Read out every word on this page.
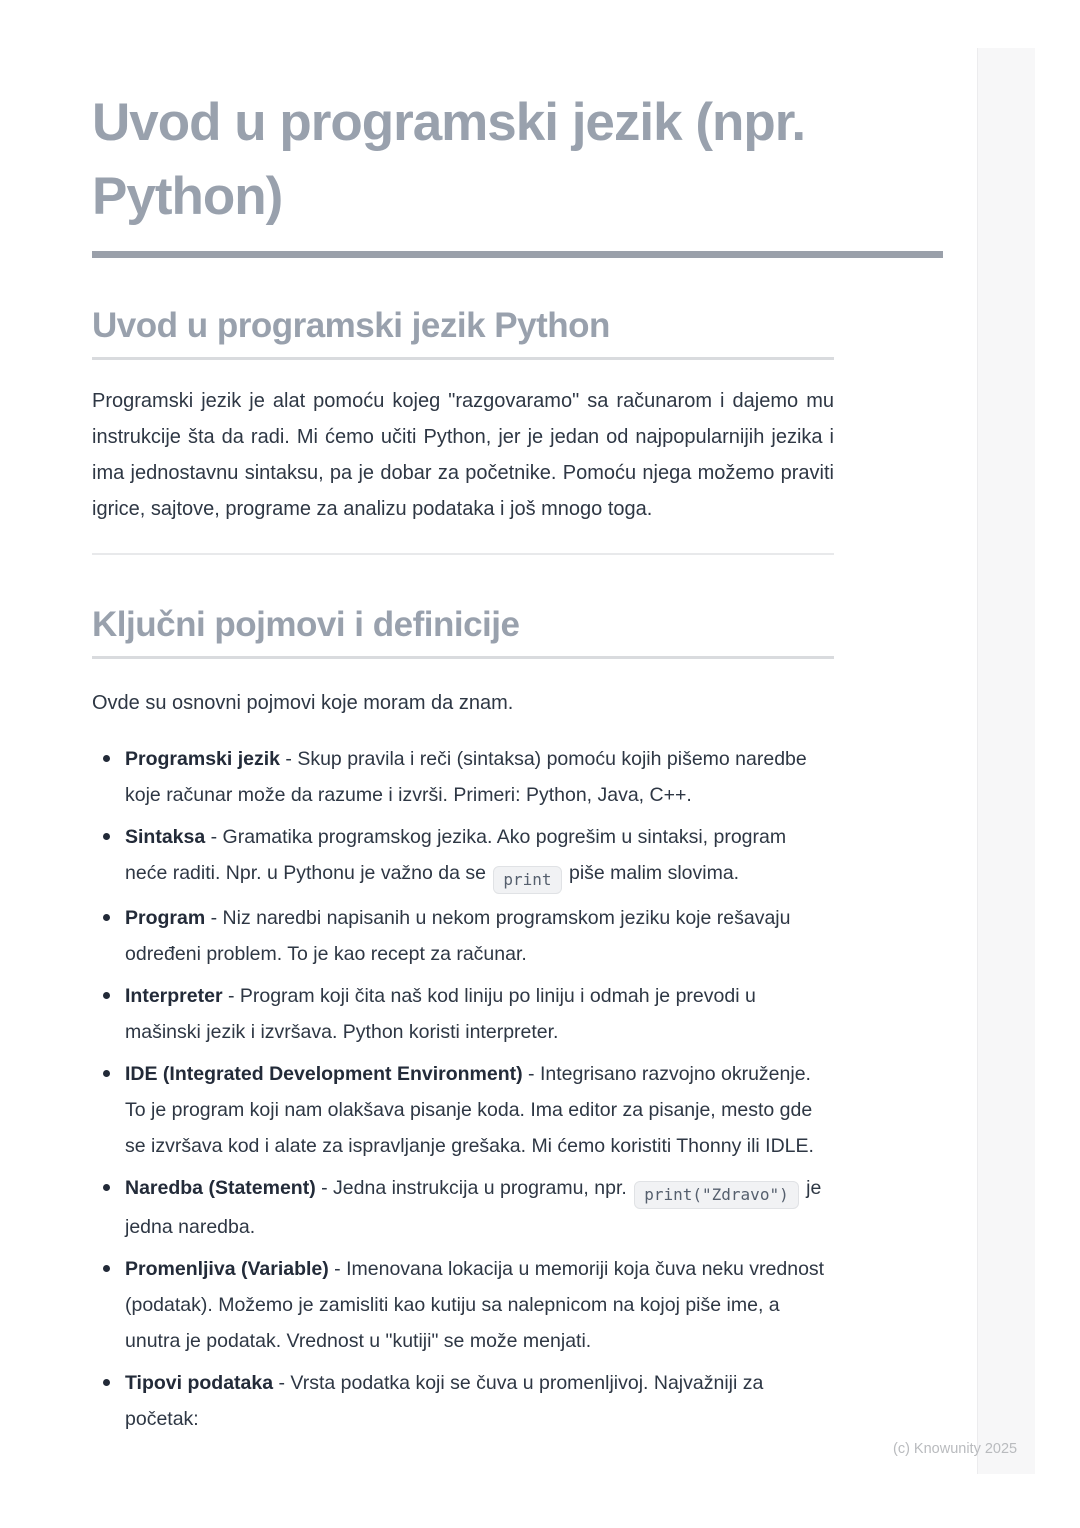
(c) Knowunity 2025
Uvod u programski jezik (npr. Python)
Uvod u programski jezik Python

Programski jezik je alat pomoću kojeg "razgovaramo" sa računarom i dajemo mu instrukcije šta da radi. Mi ćemo učiti Python, jer je jedan od najpopularnijih jezika i ima jednostavnu sintaksu, pa je dobar za početnike. Pomoću njega možemo praviti igrice, sajtove, programe za analizu podataka i još mnogo toga.

Ključni pojmovi i definicije

Ovde su osnovni pojmovi koje moram da znam.

Programski jezik - Skup pravila i reči (sintaksa) pomoću kojih pišemo naredbe koje računar može da razume i izvrši. Primeri: Python, Java, C++.
Sintaksa - Gramatika programskog jezika. Ako pogrešim u sintaksi, program neće raditi. Npr. u Pythonu je važno da se print piše malim slovima.
Program - Niz naredbi napisanih u nekom programskom jeziku koje rešavaju određeni problem. To je kao recept za računar.
Interpreter - Program koji čita naš kod liniju po liniju i odmah je prevodi u mašinski jezik i izvršava. Python koristi interpreter.
IDE (Integrated Development Environment) - Integrisano razvojno okruženje. To je program koji nam olakšava pisanje koda. Ima editor za pisanje, mesto gde se izvršava kod i alate za ispravljanje grešaka. Mi ćemo koristiti Thonny ili IDLE.
Naredba (Statement) - Jedna instrukcija u programu, npr. print("Zdravo") je jedna naredba.
Promenljiva (Variable) - Imenovana lokacija u memoriji koja čuva neku vrednost (podatak). Možemo je zamisliti kao kutiju sa nalepnicom na kojoj piše ime, a unutra je podatak. Vrednost u "kutiji" se može menjati.
Tipovi podataka - Vrsta podatka koji se čuva u promenljivoj. Najvažniji za početak:
